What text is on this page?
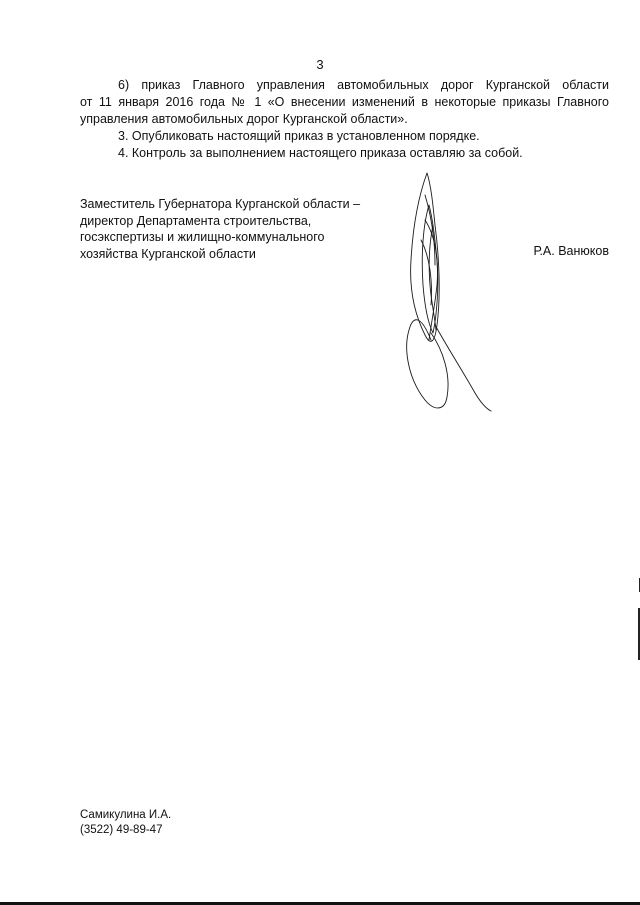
3
6) приказ Главного управления автомобильных дорог Курганской области
от 11 января 2016 года № 1 «О внесении изменений в некоторые приказы Главного
управления автомобильных дорог Курганской области».
3. Опубликовать настоящий приказ в установленном порядке.
4. Контроль за выполнением настоящего приказа оставляю за собой.
Заместитель Губернатора Курганской области –
директор Департамента строительства,
госэкспертизы и жилищно-коммунального
хозяйства Курганской области	Р.А. Ванюков
Самикулина И.А.
(3522) 49-89-47
